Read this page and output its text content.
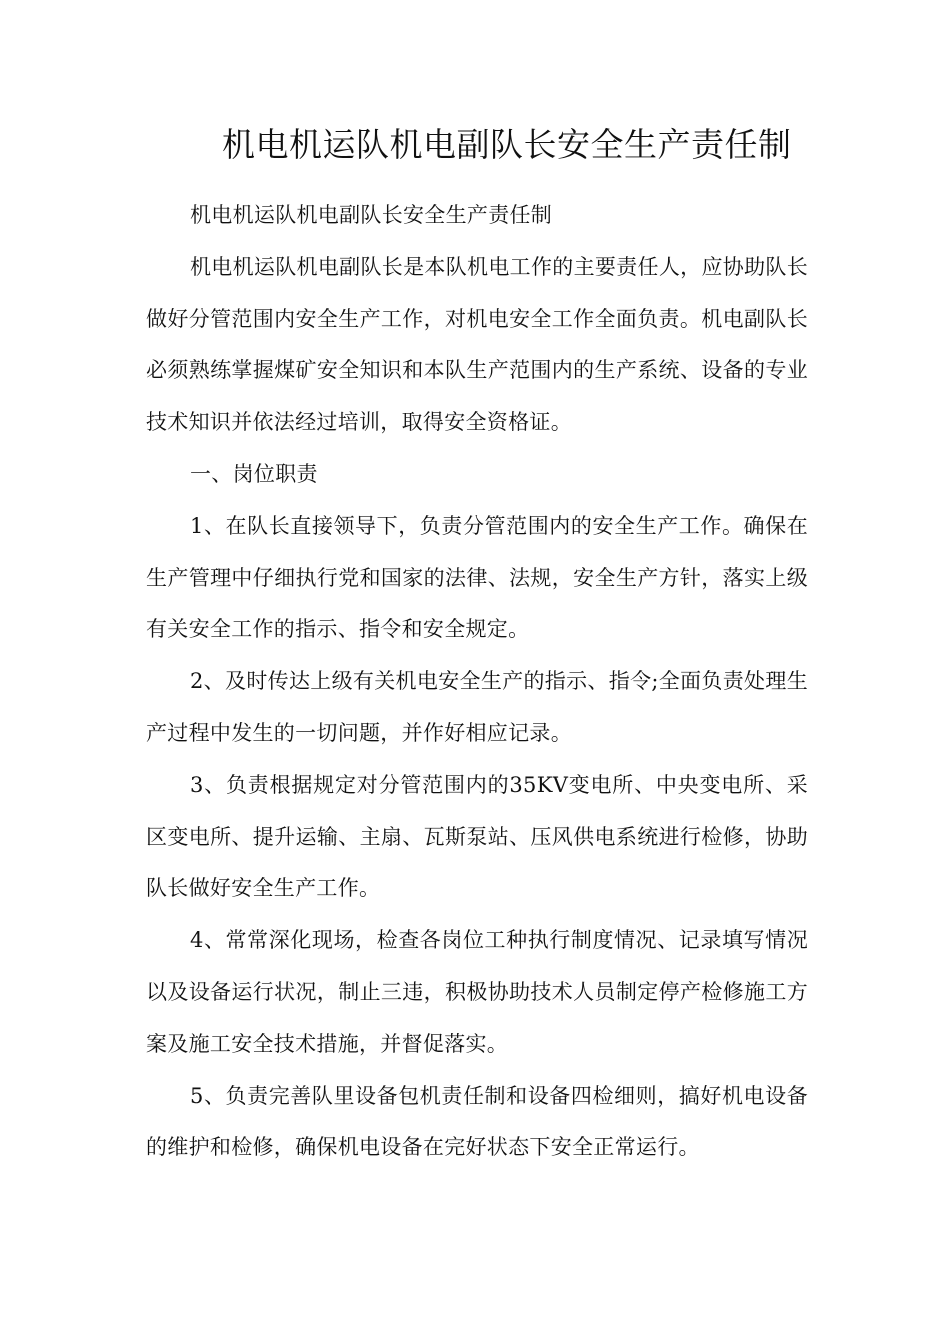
机电机运队机电副队长安全生产责任制

机电机运队机电副队长安全生产责任制

机电机运队机电副队长是本队机电工作的主要责任人，应协助队长做好分管范围内安全生产工作，对机电安全工作全面负责。机电副队长必须熟练掌握煤矿安全知识和本队生产范围内的生产系统、设备的专业技术知识并依法经过培训，取得安全资格证。

一、岗位职责

1、在队长直接领导下，负责分管范围内的安全生产工作。确保在生产管理中仔细执行党和国家的法律、法规，安全生产方针，落实上级有关安全工作的指示、指令和安全规定。

2、及时传达上级有关机电安全生产的指示、指令;全面负责处理生产过程中发生的一切问题，并作好相应记录。

3、负责根据规定对分管范围内的35KV变电所、中央变电所、采区变电所、提升运输、主扇、瓦斯泵站、压风供电系统进行检修，协助队长做好安全生产工作。

4、常常深化现场，检查各岗位工种执行制度情况、记录填写情况以及设备运行状况，制止三违，积极协助技术人员制定停产检修施工方案及施工安全技术措施，并督促落实。

5、负责完善队里设备包机责任制和设备四检细则，搞好机电设备的维护和检修，确保机电设备在完好状态下安全正常运行。
